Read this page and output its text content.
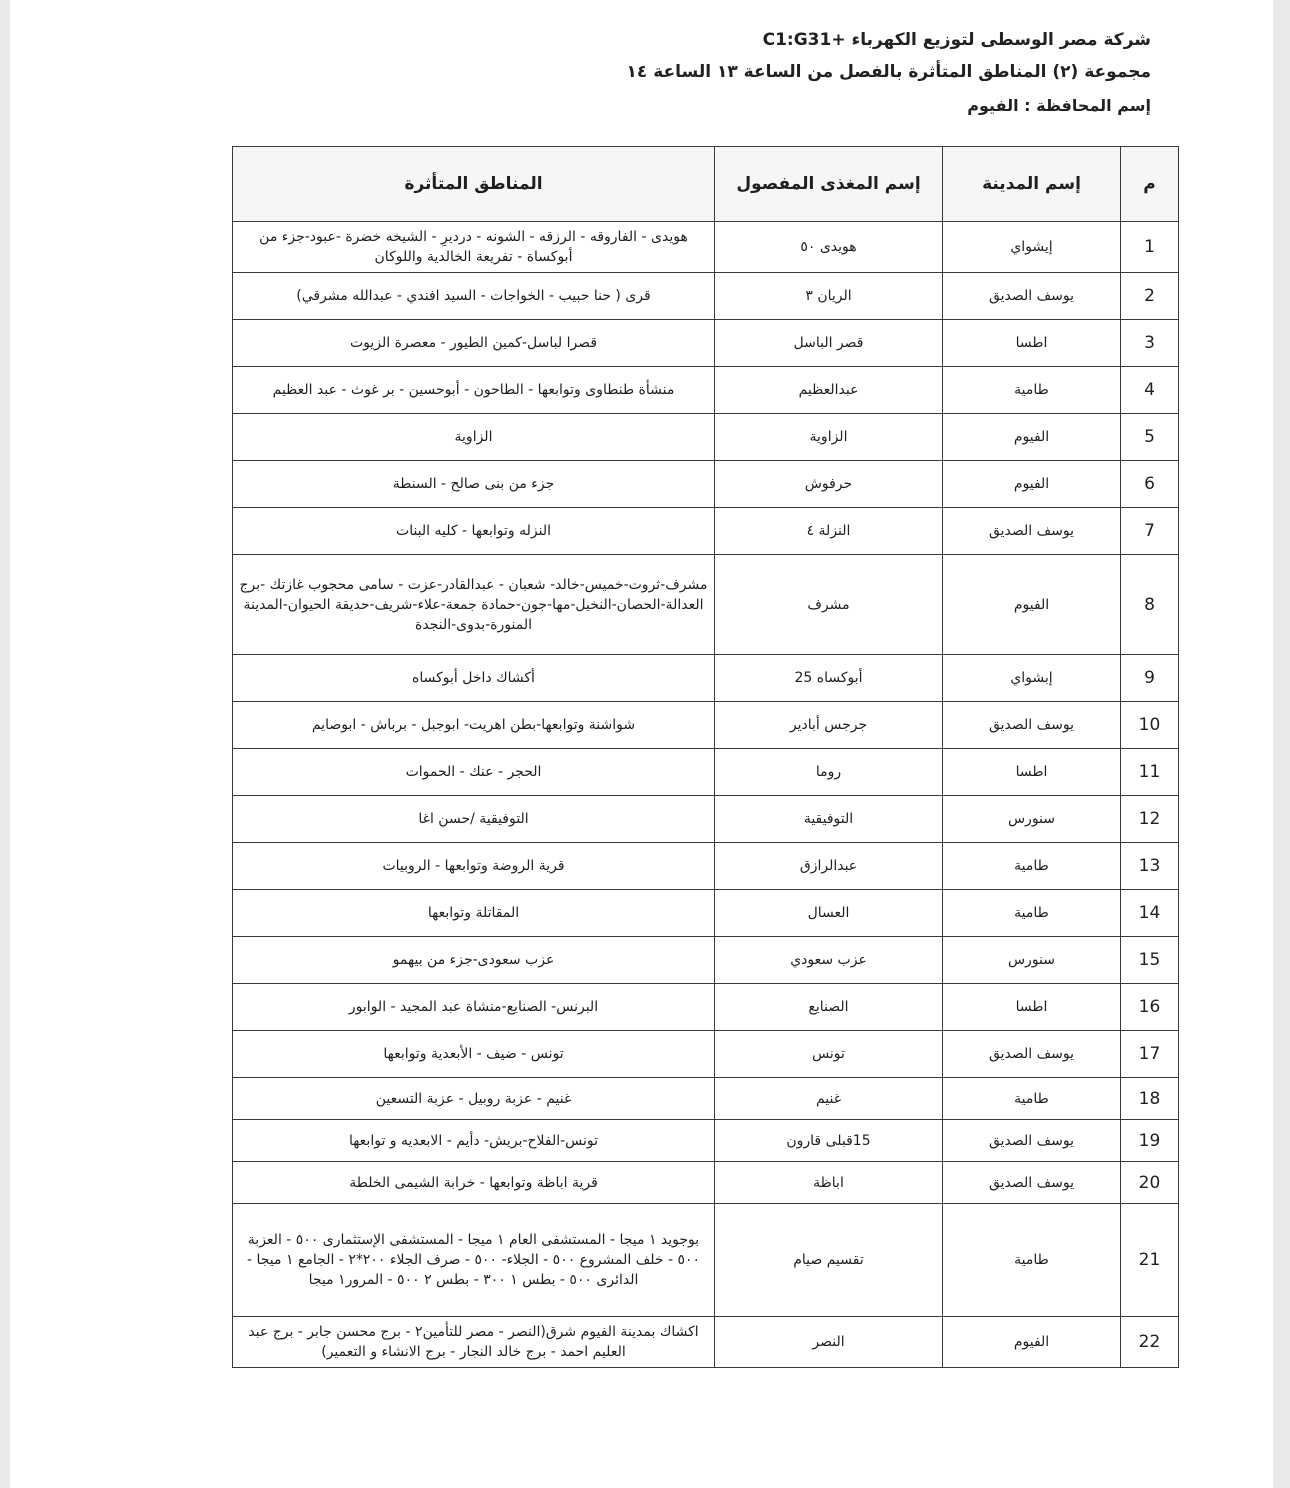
شركة مصر الوسطى لتوزيع الكهرباء C1:G31+
مجموعة (٢) المناطق المتأثرة بالفصل من الساعة ١٣ الساعة ١٤
إسم المحافظة : الفيوم
م	إسم المدينة	إسم المغذى المفصول	المناطق المتأثرة
1	إيشواي	هويدى ٥٠	هويدى - الفاروقه - الرزقه - الشونه - درديرِ - الشيخه خضرة -عبود-جزء من أبوكساة - تفريعة الخالدية واللوكان
2	يوسف الصديق	الريان ٣	قرى ( حنا حبيب - الخواجات - السيد افندي - عبدالله مشرقي)
3	اطسا	قصر الباسل	قصرا لباسل-كمين الطيور - معصرة الزيوت
4	طامية	عبدالعظيم	منشأة طنطاوى وتوابعها - الطاحون - أبوحسين - بر غوث - عبد العظيم
5	الفيوم	الزاوية	الزاوية
6	الفيوم	حرفوش	جزء من بنى صالح - السنطة
7	يوسف الصديق	النزلة ٤	النزله وتوابعها - كليه البنات
8	الفيوم	مشرف	مشرف-ثروت-خميس-خالد- شعبان - عبدالقادر-عزت - سامى محجوب غازتك -برج العدالة-الحصان-النخيل-مها-جون-حمادة جمعة-علاء-شريف-حديقة الحيوان-المدينة المنورة-بدوى-النجدة
9	إبشواي	أبوكساه 25	أكشاك داخل أبوكساه
10	يوسف الصديق	جرجس أبادير	شواشنة وتوابعها-بطن اهريت- ابوجبل - برباش - ابوصايم
11	اطسا	روما	الحجر - عنك - الحموات
12	سنورس	التوفيقية	التوفيقية /حسن اغا
13	طامية	عبدالرازق	قرية الروضة وتوابعها - الروبيات
14	طامية	العسال	المقاتلة وتوابعها
15	سنورس	عزب سعودي	عزب سعودى-جزء من بيهمو
16	اطسا	الصنايع	البرنس- الصنايع-منشاة عبد المجيد - الوابور
17	يوسف الصديق	تونس	تونس - ضيف - الأبعدية وتوابعها
18	طامية	غنيم	غنيم - عزبة روبيل - عزبة التسعين
19	يوسف الصديق	15قبلى قارون	تونس-الفلاح-بريش- دأيم - الابعديه و توابعها
20	يوسف الصديق	اباظة	قرية اباظة وتوابعها - خرابة الشيمى الخلطة
21	طامية	تقسيم صيام	بوجويد ١ ميجا - المستشفى العام ١ ميجا - المستشفى الإستثمارى ٥٠٠ - العزبة ٥٠٠ - خلف المشروع ٥٠٠ - الجلاء- ٥٠٠ - صرف الجلاء ٢٠٠*٢ - الجامع ١ ميجا - الدائرى ٥٠٠ - بطس ١ ٣٠٠ - بطس ٢ ٥٠٠ - المرور١ ميجا
22	الفيوم	النصر	اكشاك بمدينة الفيوم شرق(النصر - مصر للتأمين٢ - برج محسن جابر - برج عبد العليم احمد - برج خالد النجار - برج الانشاء و التعمير)
